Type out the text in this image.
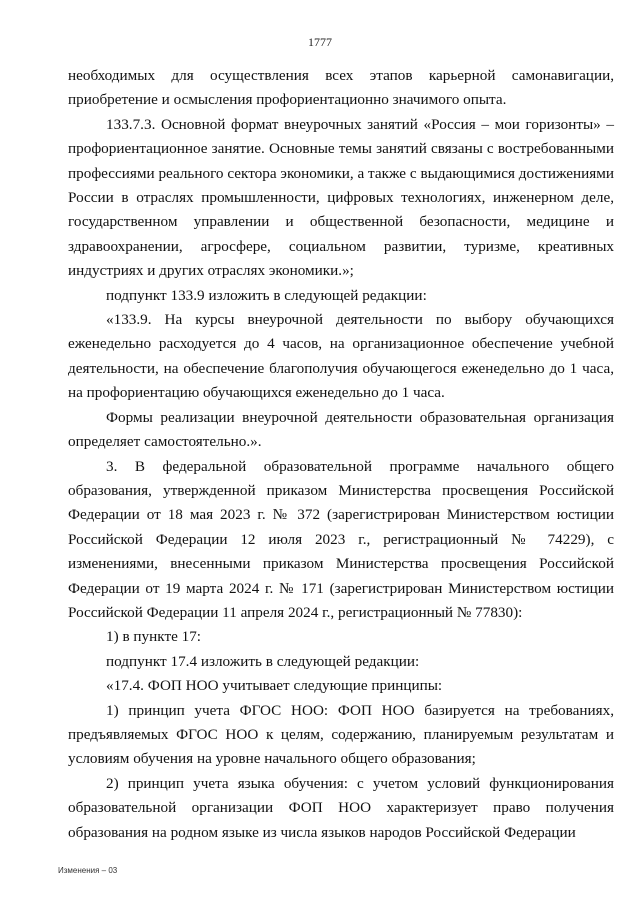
1777

необходимых для осуществления всех этапов карьерной самонавигации, приобретение и осмысления профориентационно значимого опыта.

133.7.3. Основной формат внеурочных занятий «Россия – мои горизонты» – профориентационное занятие. Основные темы занятий связаны с востребованными профессиями реального сектора экономики, а также с выдающимися достижениями России в отраслях промышленности, цифровых технологиях, инженерном деле, государственном управлении и общественной безопасности, медицине и здравоохранении, агросфере, социальном развитии, туризме, креативных индустриях и других отраслях экономики.»;

подпункт 133.9 изложить в следующей редакции:

«133.9. На курсы внеурочной деятельности по выбору обучающихся еженедельно расходуется до 4 часов, на организационное обеспечение учебной деятельности, на обеспечение благополучия обучающегося еженедельно до 1 часа, на профориентацию обучающихся еженедельно до 1 часа.

Формы реализации внеурочной деятельности образовательная организация определяет самостоятельно.».

3. В федеральной образовательной программе начального общего образования, утвержденной приказом Министерства просвещения Российской Федерации от 18 мая 2023 г. № 372 (зарегистрирован Министерством юстиции Российской Федерации 12 июля 2023 г., регистрационный № 74229), с изменениями, внесенными приказом Министерства просвещения Российской Федерации от 19 марта 2024 г. № 171 (зарегистрирован Министерством юстиции Российской Федерации 11 апреля 2024 г., регистрационный № 77830):

1) в пункте 17:

подпункт 17.4 изложить в следующей редакции:

«17.4. ФОП НОО учитывает следующие принципы:

1) принцип учета ФГОС НОО: ФОП НОО базируется на требованиях, предъявляемых ФГОС НОО к целям, содержанию, планируемым результатам и условиям обучения на уровне начального общего образования;

2) принцип учета языка обучения: с учетом условий функционирования образовательной организации ФОП НОО характеризует право получения образования на родном языке из числа языков народов Российской Федерации

Изменения – 03
